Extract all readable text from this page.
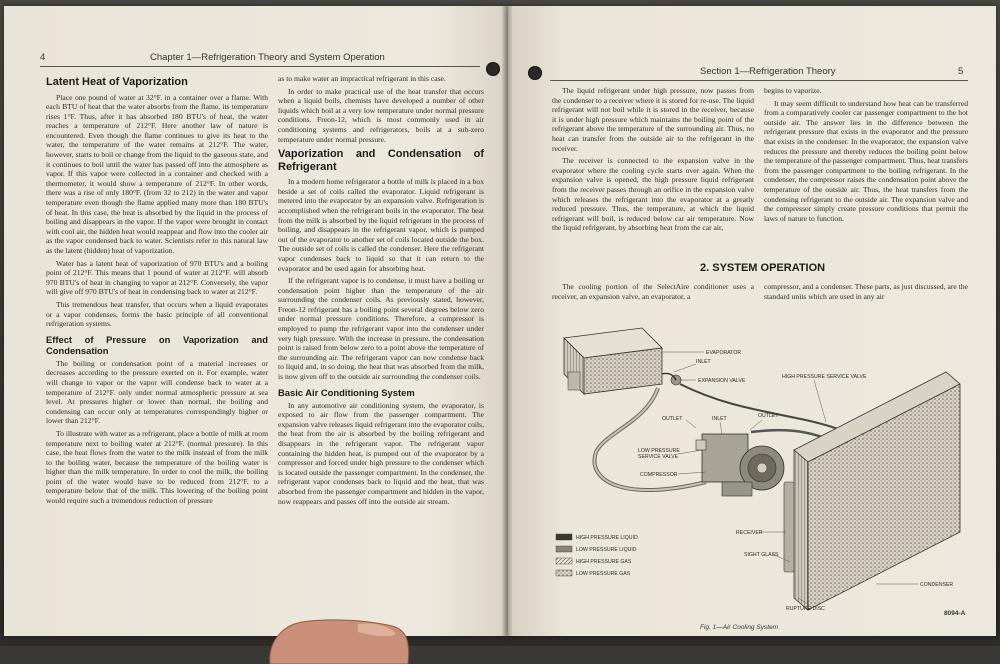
4	Chapter 1—Refrigeration Theory and System Operation
Latent Heat of Vaporization

Place one pound of water at 32°F. in a container over a flame. With each BTU of heat that the water absorbs from the flame, its temperature rises 1°F. Thus, after it has absorbed 180 BTU's of heat, the water reaches a temperature of 212°F. Here another law of nature is encountered. Even though the flame continues to give its heat to the water, the temperature of the water remains at 212°F. The water, however, starts to boil or change from the liquid to the gaseous state, and it continues to boil until the water has passed off into the atmosphere as vapor. If this vapor were collected in a container and checked with a thermometer, it would show a temperature of 212°F. In other words, there was a rise of only 180°F. (from 32 to 212) in the water and vapor temperature even though the flame applied many more than 180 BTU's of heat. In this case, the heat is absorbed by the liquid in the process of boiling and disappears in the vapor. If the vapor were brought in contact with cool air, the hidden heat would reappear and flow into the cooler air as the vapor condensed back to water. Scientists refer to this natural law as the latent (hidden) heat of vaporization.

Water has a latent heat of vaporization of 970 BTU's and a boiling point of 212°F. This means that 1 pound of water at 212°F. will absorb 970 BTU's of heat in changing to vapor at 212°F. Conversely, the vapor will give off 970 BTU's of heat in condensing back to water at 212°F.

This tremendous heat transfer, that occurs when a liquid evaporates or a vapor condenses, forms the basic principle of all conventional refrigeration systems.

Effect of Pressure on Vaporization and Condensation

The boiling or condensation point of a material increases or decreases according to the pressure exerted on it. For example, water will change to vapor or the vapor will condense back to water at a temperature of 212°F. only under normal atmospheric pressure at sea level. At pressures higher or lower than normal, the boiling and condensing can occur only at temperatures correspondingly higher or lower than 212°F.

To illustrate with water as a refrigerant, place a bottle of milk at room temperature next to boiling water at 212°F. (normal pressure). In this case, the heat flows from the water to the milk instead of from the milk to the boiling water, because the temperature of the boiling water is higher than the milk temperature. In order to cool the milk, the boiling point of the water would have to be reduced from 212°F. to a temperature below that of the milk. This lowering of the boiling point would require such a tremendous reduction of pressure

as to make water an impractical refrigerant in this case.

In order to make practical use of the heat transfer that occurs when a liquid boils, chemists have developed a number of other liquids which boil at a very low temperature under normal pressure conditions. Freon-12, which is most commonly used in air conditioning systems and refrigerators, boils at a sub-zero temperature under normal pressure.

Vaporization and Condensation of Refrigerant

In a modern home refrigerator a bottle of milk is placed in a box beside a set of coils called the evaporator. Liquid refrigerant is metered into the evaporator by an expansion valve. Refrigeration is accomplished when the refrigerant boils in the evaporator. The heat from the milk is absorbed by the liquid refrigerant in the process of boiling, and disappears in the refrigerant vapor, which is pumped out of the evaporator to another set of coils located outside the box. The outside set of coils is called the condenser. Here the refrigerant vapor condenses back to liquid so that it can return to the evaporator and be used again for absorbing heat.

If the refrigerant vapor is to condense, it must have a boiling or condensation point higher than the temperature of the air surrounding the condenser coils. As previously stated, however, Freon-12 refrigerant has a boiling point several degrees below zero under normal pressure conditions. Therefore, a compressor is employed to pump the refrigerant vapor into the condenser under very high pressure. With the increase in pressure, the condensation point is raised from below zero to a point above the temperature of the surrounding air. The refrigerant vapor can now condense back to liquid and, in so doing, the heat that was absorbed from the milk, is now given off to the outside air surrounding the condenser coils.

Basic Air Conditioning System

In any automotive air conditioning system, the evaporator, is exposed to air flow from the passenger compartment. The expansion valve releases liquid refrigerant into the evaporator coils, the heat from the air is absorbed by the boiling refrigerant and disappears in the refrigerant vapor. The refrigerant vapor containing the hidden heat, is pumped out of the evaporator by a compressor and forced under high pressure to the condenser which is located outside the passenger compartment. In the condenser, the refrigerant vapor condenses back to liquid and the heat, that was absorbed from the passenger compartment and hidden in the vapor, now reappears and passes off into the outside air stream.

Section 1—Refrigeration Theory	5

The liquid refrigerant under high pressure, now passes from the condenser to a receiver where it is stored for re-use. The liquid refrigerant will not boil while it is stored in the receiver, because it is under high pressure which maintains the boiling point of the refrigerant above the temperature of the surrounding air. Thus, no heat can transfer from the outside air to the refrigerant in the receiver.

The receiver is connected to the expansion valve in the evaporator where the cooling cycle starts over again. When the expansion valve is opened, the high pressure liquid refrigerant from the receiver passes through an orifice in the expansion valve which releases the refrigerant into the evaporator at a greatly reduced pressure. Thus, the temperature, at which the liquid refrigerant will boil, is reduced below car air temperature. Now the liquid refrigerant, by absorbing heat from the car air,

begins to vaporize.

It may seem difficult to understand how heat can be transferred from a comparatively cooler car passenger compartment to the hot outside air. The answer lies in the difference between the refrigerant pressure that exists in the evaporator and the pressure that exists in the condenser. In the evaporator, the expansion valve reduces the pressure and thereby reduces the boiling point below the temperature of the passenger compartment. Thus, heat transfers from the passenger compartment to the boiling refrigerant. In the condenser, the compressor raises the condensation point above the temperature of the outside air. Thus, the heat transfers from the condensing refrigerant to the outside air. The expansion valve and the compressor simply create pressure conditions that permit the laws of nature to function.

2. SYSTEM OPERATION

The cooling portion of the SelectAire conditioner uses a receiver, an expansion valve, an evaporator, a

compressor, and a condenser. These parts, as just discussed, are the standard units which are used in any air

EVAPORATOR
INLET
EXPANSION VALVE
HIGH PRESSURE SERVICE VALVE
OUTLET	INLET	OUTLET
LOW PRESSURE
SERVICE VALVE
COMPRESSOR
RECEIVER
SIGHT GLASS
CONDENSER
RUPTURE DISC
HIGH PRESSURE LIQUID
LOW PRESSURE LIQUID
HIGH PRESSURE GAS
LOW PRESSURE GAS
Fig. 1—Air Cooling System
8094-A
